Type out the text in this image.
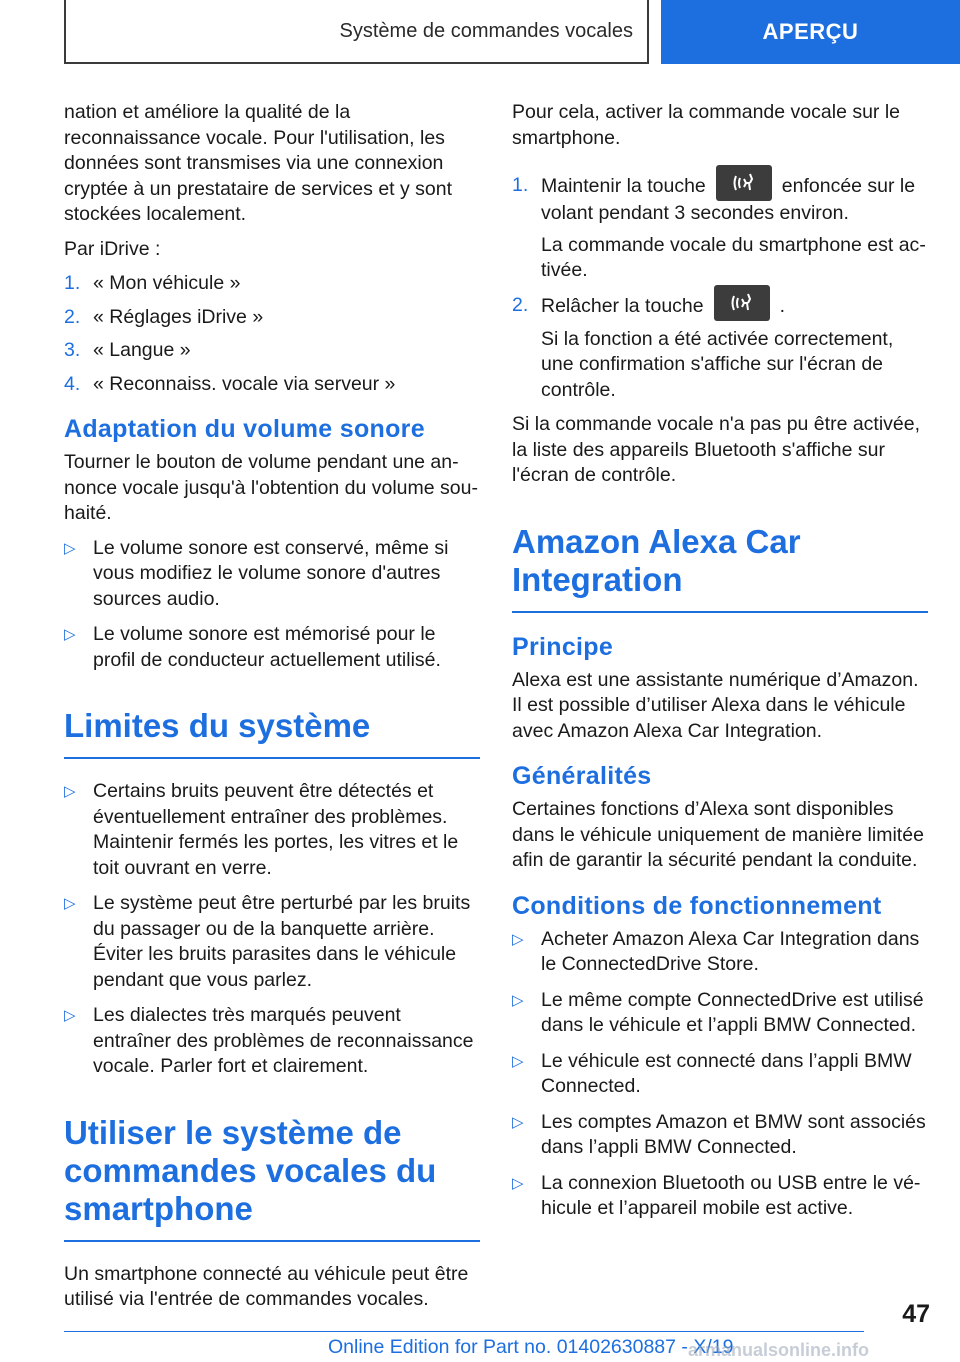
Système de commandes vocales	APERÇU

nation et améliore la qualité de la reconnaissance vocale. Pour l'utilisation, les données sont transmises via une connexion cryptée à un prestataire de services et y sont stockées localement.

Par iDrive :

1. « Mon véhicule »
2. « Réglages iDrive »
3. « Langue »
4. « Reconnaiss. vocale via serveur »
Adaptation du volume sonore

Tourner le bouton de volume pendant une annonce vocale jusqu'à l'obtention du volume souhaité.

▷ Le volume sonore est conservé, même si vous modifiez le volume sonore d'autres sources audio.
▷ Le volume sonore est mémorisé pour le profil de conducteur actuellement utilisé.
Limites du système
▷ Certains bruits peuvent être détectés et éventuellement entraîner des problèmes. Maintenir fermés les portes, les vitres et le toit ouvrant en verre.
▷ Le système peut être perturbé par les bruits du passager ou de la banquette arrière. Éviter les bruits parasites dans le véhicule pendant que vous parlez.
▷ Les dialectes très marqués peuvent entraîner des problèmes de reconnaissance vocale. Parler fort et clairement.
Utiliser le système de commandes vocales du smartphone

Un smartphone connecté au véhicule peut être utilisé via l'entrée de commandes vocales.

Pour cela, activer la commande vocale sur le smartphone.

1. Maintenir la touche	enfoncée sur le volant pendant 3 secondes environ.

La commande vocale du smartphone est activée.

2. Relâcher la touche	.

Si la fonction a été activée correctement, une confirmation s'affiche sur l'écran de contrôle.

Si la commande vocale n'a pas pu être activée, la liste des appareils Bluetooth s'affiche sur l'écran de contrôle.

Amazon Alexa Car Integration
Principe

Alexa est une assistante numérique d’Amazon. Il est possible d’utiliser Alexa dans le véhicule avec Amazon Alexa Car Integration.

Généralités

Certaines fonctions d’Alexa sont disponibles dans le véhicule uniquement de manière limitée afin de garantir la sécurité pendant la conduite.

Conditions de fonctionnement
▷ Acheter Amazon Alexa Car Integration dans le ConnectedDrive Store.
▷ Le même compte ConnectedDrive est utilisé dans le véhicule et l’appli BMW Connected.
▷ Le véhicule est connecté dans l’appli BMW Connected.
▷ Les comptes Amazon et BMW sont associés dans l’appli BMW Connected.
▷ La connexion Bluetooth ou USB entre le véhicule et l’appareil mobile est active.
47
Online Edition for Part no. 01402630887 - X/19
armanualsonline.info
